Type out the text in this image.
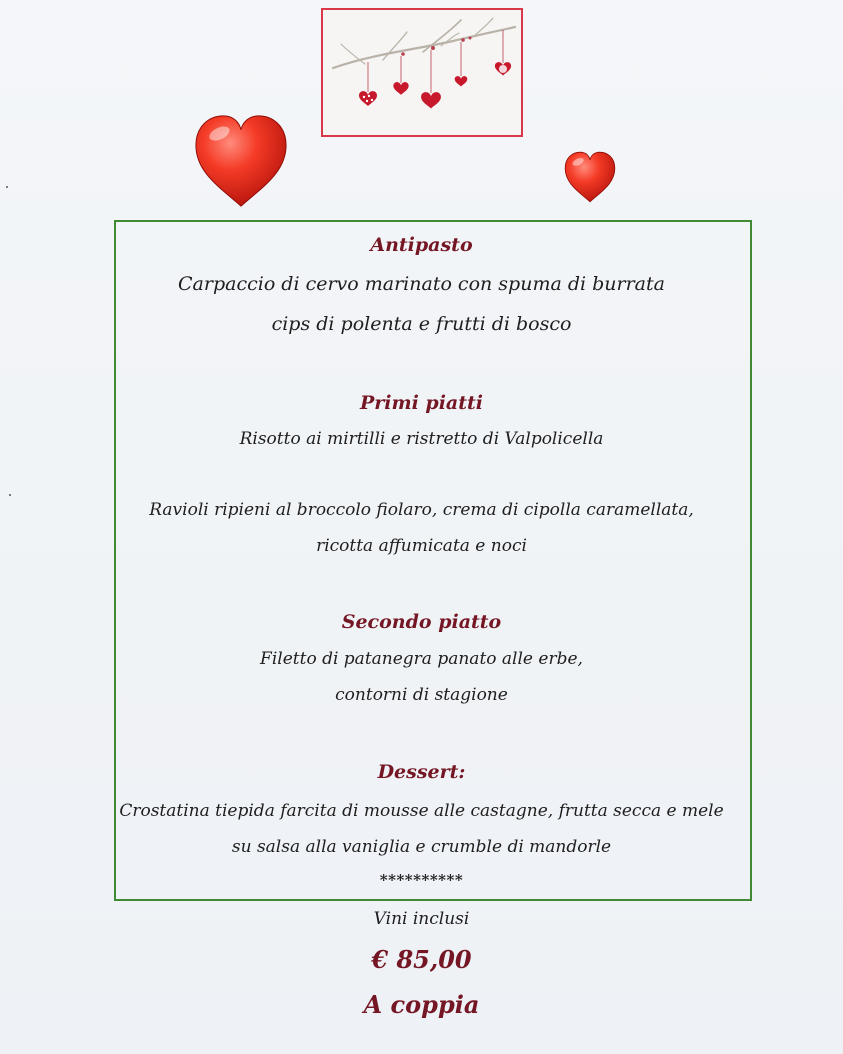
Antipasto
Carpaccio di cervo marinato con spuma di burrata
cips di polenta e frutti di bosco
Primi piatti
Risotto ai mirtilli e ristretto di Valpolicella
Ravioli ripieni al broccolo fiolaro, crema di cipolla caramellata,
ricotta affumicata e noci
Secondo piatto
Filetto di patanegra panato alle erbe,
contorni di stagione
Dessert:
Crostatina tiepida farcita di mousse alle castagne, frutta secca e mele
su salsa alla vaniglia e crumble di mandorle
**********
Vini inclusi
€ 85,00
A coppia
